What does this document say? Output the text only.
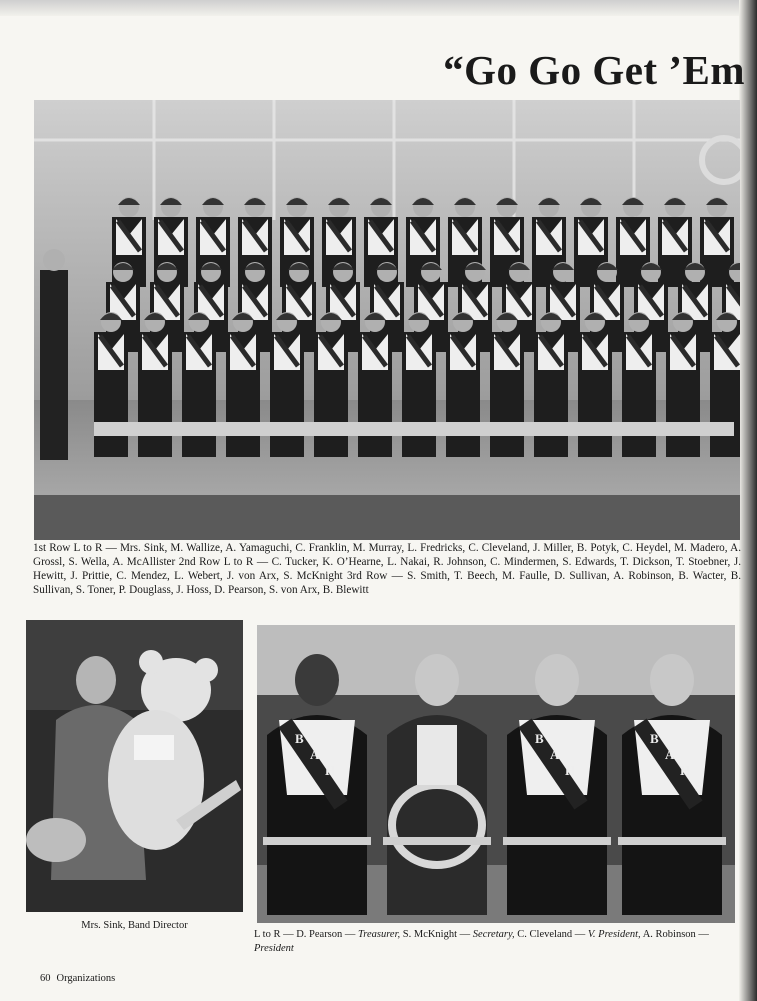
“Go Go Get ’Em
1st Row L to R — Mrs. Sink, M. Wallize, A. Yamaguchi, C. Franklin, M. Murray, L. Fredricks, C. Cleveland, J. Miller, B. Potyk, C. Heydel, M. Madero, A. Grossl, S. Wella, A. McAllister 2nd Row L to R — C. Tucker, K. O’Hearne, L. Nakai, R. Johnson, C. Mindermen, S. Edwards, T. Dickson, T. Stoebner, J. Hewitt, J. Prittie, C. Mendez, L. Webert, J. von Arx, S. McKnight 3rd Row — S. Smith, T. Beech, M. Faulle, D. Sullivan, A. Robinson, B. Wacter, B. Sullivan, S. Toner, P. Douglass, J. Hoss, D. Pearson, S. von Arx, B. Blewitt
Mrs. Sink, Band Director
B
A
H
S
B
A
H
S
B
A
H
S
L to R — D. Pearson — Treasurer, S. McKnight — Secretary, C. Cleveland — V. President, A. Robinson — President
60 Organizations
